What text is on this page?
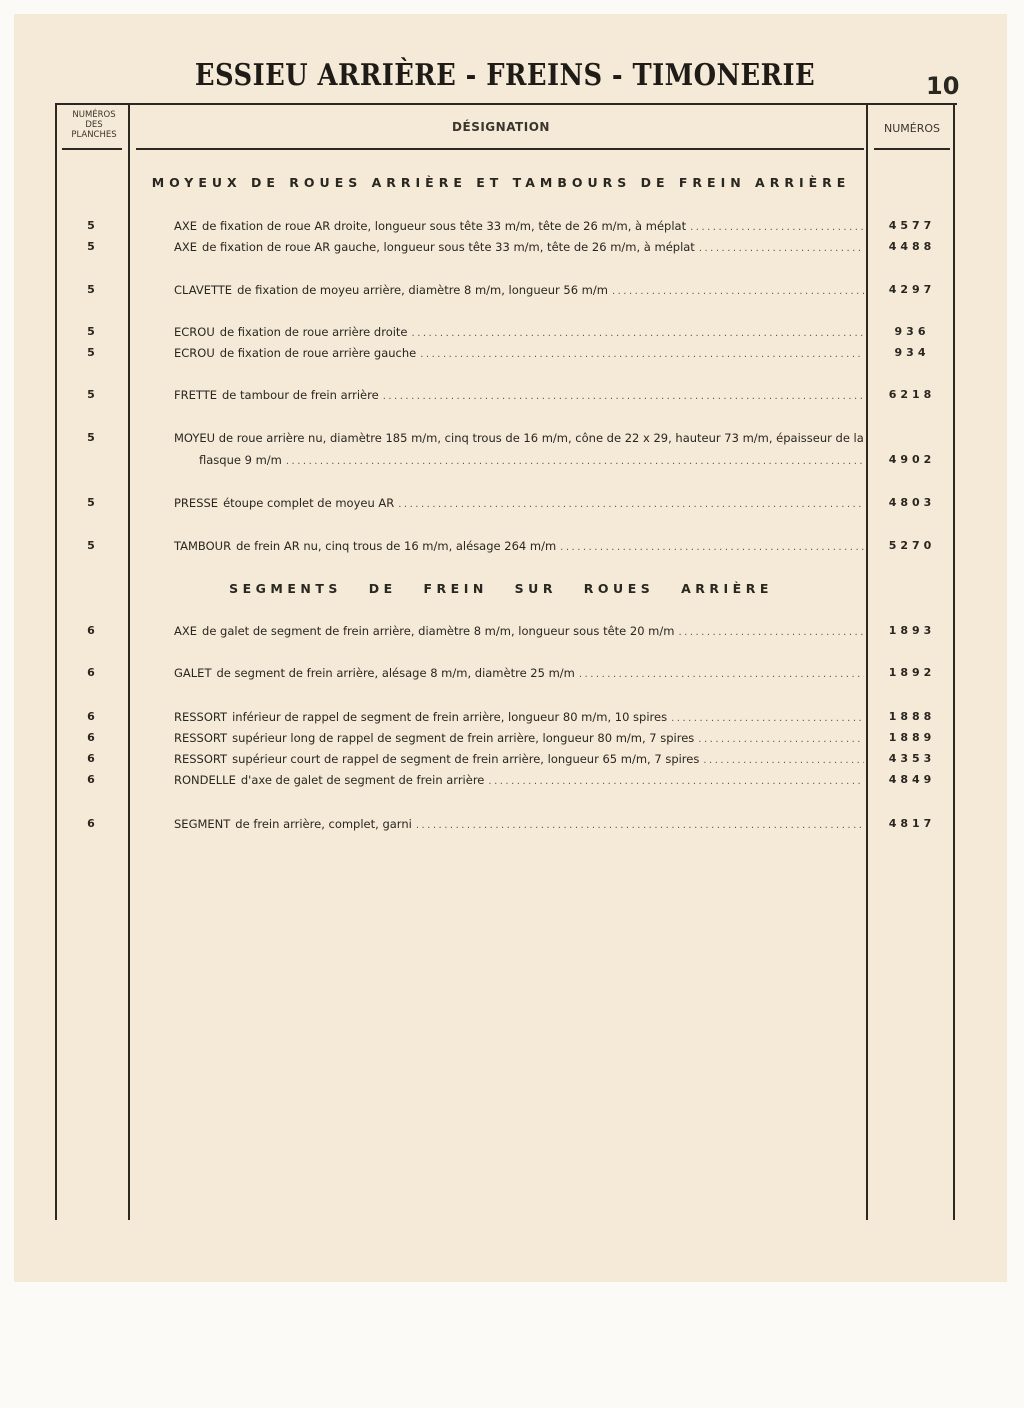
ESSIEU ARRIÈRE - FREINS - TIMONERIE	10
NUMÉROS
DES
PLANCHES
DÉSIGNATION	NUMÉROS
MOYEUX DE ROUES ARRIÈRE ET TAMBOURS DE FREIN ARRIÈRE
5	AXE de fixation de roue AR droite, longueur sous tête 33 m/m, tête de 26 m/m, à méplat .....	4577
5	AXE de fixation de roue AR gauche, longueur sous tête 33 m/m, tête de 26 m/m, à méplat .....	4488
5	CLAVETTE de fixation de moyeu arrière, diamètre 8 m/m, longueur 56 m/m .....	4297
5	ECROU de fixation de roue arrière droite .....	936
5	ECROU de fixation de roue arrière gauche .....	934
5	FRETTE de tambour de frein arrière .....	6218
5	MOYEU de roue arrière nu, diamètre 185 m/m, cinq trous de 16 m/m, cône de 22 x 29, hauteur 73 m/m, épaisseur de la
flasque 9 m/m .....	4902
5	PRESSE étoupe complet de moyeu AR .....	4803
5	TAMBOUR de frein AR nu, cinq trous de 16 m/m, alésage 264 m/m .....	5270
SEGMENTS DE FREIN SUR ROUES ARRIÈRE
6	AXE de galet de segment de frein arrière, diamètre 8 m/m, longueur sous tête 20 m/m .....	1893
6	GALET de segment de frein arrière, alésage 8 m/m, diamètre 25 m/m .....	1892
6	RESSORT inférieur de rappel de segment de frein arrière, longueur 80 m/m, 10 spires .....	1888
6	RESSORT supérieur long de rappel de segment de frein arrière, longueur 80 m/m, 7 spires .....	1889
6	RESSORT supérieur court de rappel de segment de frein arrière, longueur 65 m/m, 7 spires .....	4353
6	RONDELLE d'axe de galet de segment de frein arrière .....	4849
6	SEGMENT de frein arrière, complet, garni .....	4817
